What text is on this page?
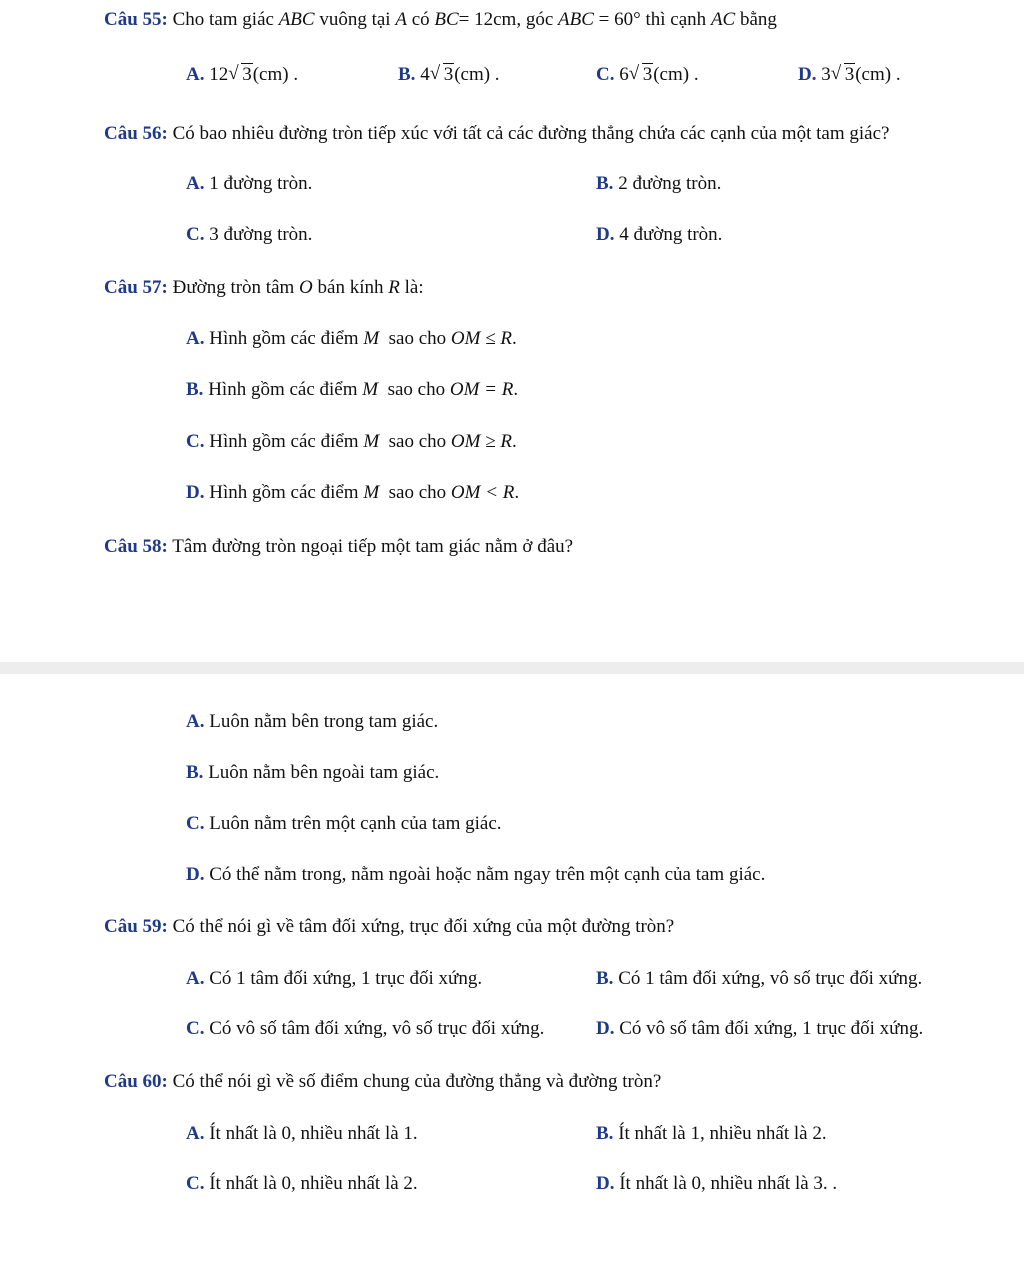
Câu 55: Cho tam giác ABC vuông tại A có BC= 12cm, góc ABC = 60° thì cạnh AC bằng
A. 12 √ 3(cm) .	B. 4 √ 3(cm) .	C. 6 √ 3(cm) .	D. 3 √ 3(cm) .
Câu 56: Có bao nhiêu đường tròn tiếp xúc với tất cả các đường thẳng chứa các cạnh của một tam giác?
A. 1 đường tròn.	B. 2 đường tròn.
C. 3 đường tròn.	D. 4 đường tròn.
Câu 57: Đường tròn tâm O bán kính R là:
A. Hình gồm các điểm M sao cho OM ≤ R.
B. Hình gồm các điểm M sao cho OM = R.
C. Hình gồm các điểm M sao cho OM ≥ R.
D. Hình gồm các điểm M sao cho OM < R.
Câu 58: Tâm đường tròn ngoại tiếp một tam giác nằm ở đâu?
A. Luôn nằm bên trong tam giác.
B. Luôn nằm bên ngoài tam giác.
C. Luôn nằm trên một cạnh của tam giác.
D. Có thể nằm trong, nằm ngoài hoặc nằm ngay trên một cạnh của tam giác.
Câu 59: Có thể nói gì về tâm đối xứng, trục đối xứng của một đường tròn?
A. Có 1 tâm đối xứng, 1 trục đối xứng.	B. Có 1 tâm đối xứng, vô số trục đối xứng.
C. Có vô số tâm đối xứng, vô số trục đối xứng.	D. Có vô số tâm đối xứng, 1 trục đối xứng.
Câu 60: Có thể nói gì về số điểm chung của đường thẳng và đường tròn?
A. Ít nhất là 0, nhiều nhất là 1.	B. Ít nhất là 1, nhiều nhất là 2.
C. Ít nhất là 0, nhiều nhất là 2.	D. Ít nhất là 0, nhiều nhất là 3. .
